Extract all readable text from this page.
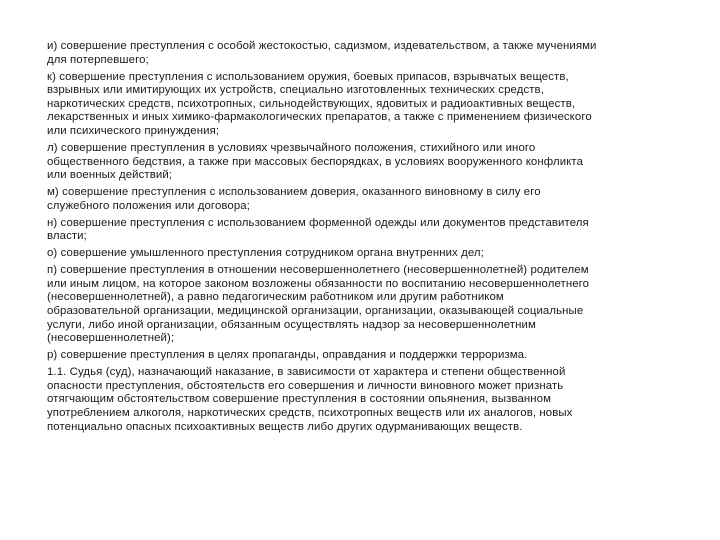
и) совершение преступления с особой жестокостью, садизмом, издевательством, а также мучениями
для потерпевшего;

к) совершение преступления с использованием оружия, боевых припасов, взрывчатых веществ,
взрывных или имитирующих их устройств, специально изготовленных технических средств,
наркотических средств, психотропных, сильнодействующих, ядовитых и радиоактивных веществ,
лекарственных и иных химико-фармакологических препаратов, а также с применением физического
или психического принуждения;

л) совершение преступления в условиях чрезвычайного положения, стихийного или иного
общественного бедствия, а также при массовых беспорядках, в условиях вооруженного конфликта
или военных действий;

м) совершение преступления с использованием доверия, оказанного виновному в силу его
служебного положения или договора;

н) совершение преступления с использованием форменной одежды или документов представителя
власти;

о) совершение умышленного преступления сотрудником органа внутренних дел;

п) совершение преступления в отношении несовершеннолетнего (несовершеннолетней) родителем
или иным лицом, на которое законом возложены обязанности по воспитанию несовершеннолетнего
(несовершеннолетней), а равно педагогическим работником или другим работником
образовательной организации, медицинской организации, организации, оказывающей социальные
услуги, либо иной организации, обязанным осуществлять надзор за несовершеннолетним
(несовершеннолетней);

р) совершение преступления в целях пропаганды, оправдания и поддержки терроризма.

1.1. Судья (суд), назначающий наказание, в зависимости от характера и степени общественной
опасности преступления, обстоятельств его совершения и личности виновного может признать
отягчающим обстоятельством совершение преступления в состоянии опьянения, вызванном
употреблением алкоголя, наркотических средств, психотропных веществ или их аналогов, новых
потенциально опасных психоактивных веществ либо других одурманивающих веществ.
